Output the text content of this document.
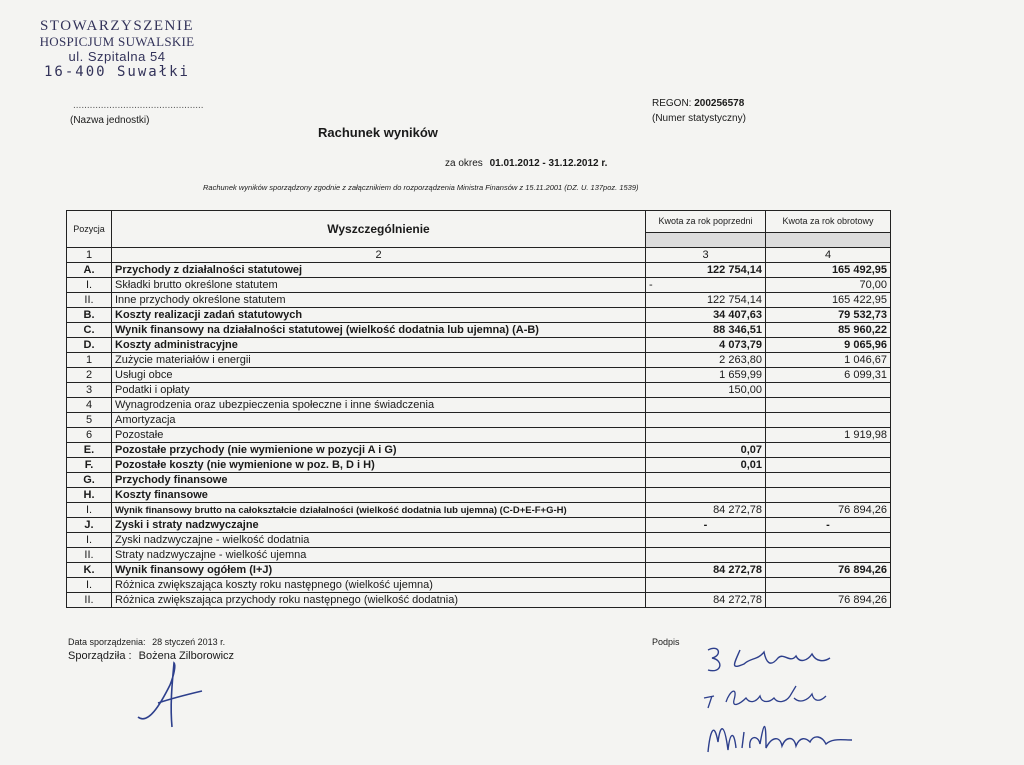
STOWARZYSZENIE
HOSPICJUM SUWALSKIE
ul. Szpitalna 54
16-400 Suwałki
...............................................
(Nazwa jednostki)
REGON: 200256578
(Numer statystyczny)
Rachunek wyników
za okres 01.01.2012 - 31.12.2012 r.
Rachunek wyników sporządzony zgodnie z załącznikiem do rozporządzenia Ministra Finansów z 15.11.2001 (DZ. U. 137poz. 1539)
Pozycja	Wyszczególnienie	Kwota za rok poprzedni	Kwota za rok obrotowy

1	2	3	4
A.	Przychody z działalności statutowej	122 754,14	165 492,95
I.	Składki brutto określone statutem	-	70,00
II.	Inne przychody określone statutem	122 754,14	165 422,95
B.	Koszty realizacji zadań statutowych	34 407,63	79 532,73
C.	Wynik finansowy na działalności statutowej (wielkość dodatnia lub ujemna) (A-B)	88 346,51	85 960,22
D.	Koszty administracyjne	4 073,79	9 065,96
1	Zużycie materiałów i energii	2 263,80	1 046,67
2	Usługi obce	1 659,99	6 099,31
3	Podatki i opłaty	150,00	
4	Wynagrodzenia oraz ubezpieczenia społeczne i inne świadczenia		
5	Amortyzacja		
6	Pozostałe		1 919,98
E.	Pozostałe przychody (nie wymienione w pozycji A i G)	0,07	
F.	Pozostałe koszty (nie wymienione w poz. B, D i H)	0,01	
G.	Przychody finansowe		
H.	Koszty finansowe		
I.	Wynik finansowy brutto na całokształcie działalności (wielkość dodatnia lub ujemna) (C-D+E-F+G-H)	84 272,78	76 894,26
J.	Zyski i straty nadzwyczajne	-	-
I.	Zyski nadzwyczajne - wielkość dodatnia		
II.	Straty nadzwyczajne - wielkość ujemna		
K.	Wynik finansowy ogółem (I+J)	84 272,78	76 894,26
I.	Różnica zwiększająca koszty roku następnego (wielkość ujemna)		
II.	Różnica zwiększająca przychody roku następnego (wielkość dodatnia)	84 272,78	76 894,26
Data sporządzenia: 28 styczeń 2013 r.
Sporządziła : Bożena Zilborowicz
Podpis
